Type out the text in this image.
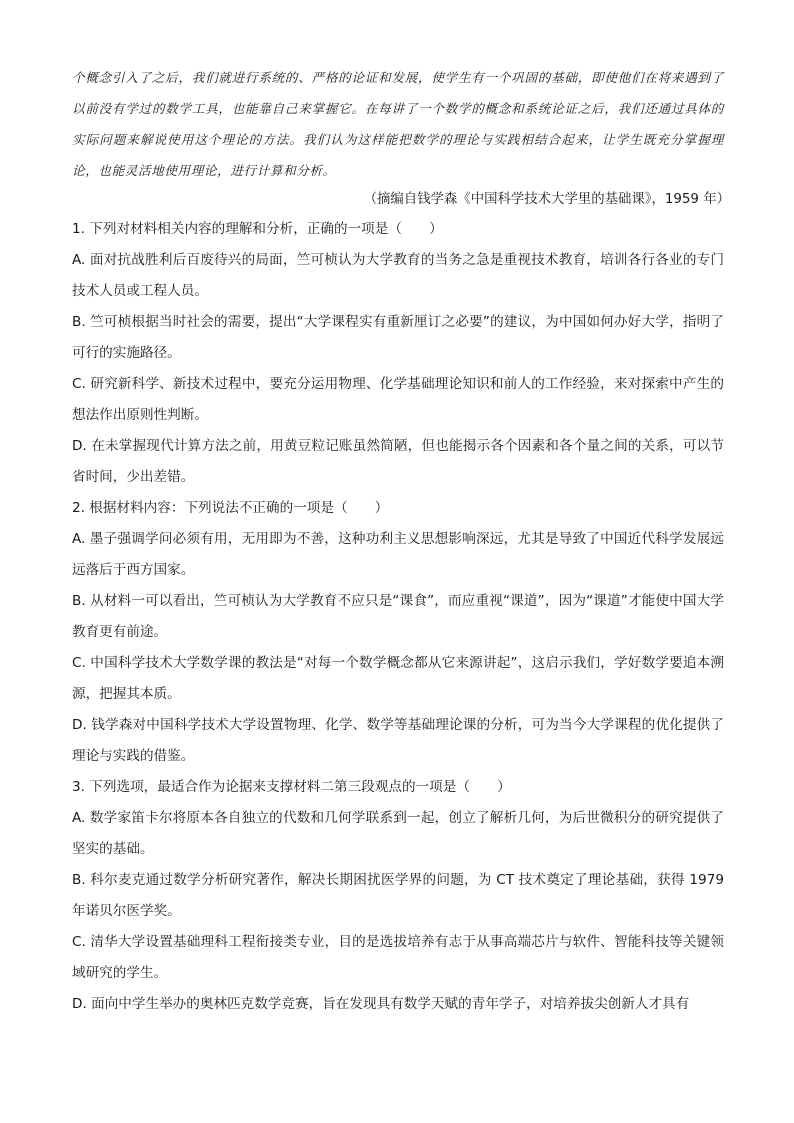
个概念引入了之后，我们就进行系统的、严格的论证和发展，使学生有一个巩固的基础，即使他们在将来遇到了以前没有学过的数学工具，也能靠自己来掌握它。在每讲了一个数学的概念和系统论证之后，我们还通过具体的实际问题来解说使用这个理论的方法。我们认为这样能把数学的理论与实践相结合起来，让学生既充分掌握理论，也能灵活地使用理论，进行计算和分析。

（摘编自钱学森《中国科学技术大学里的基础课》，1959 年）

1. 下列对材料相关内容的理解和分析，正确的一项是（　　）

A. 面对抗战胜利后百废待兴的局面，竺可桢认为大学教育的当务之急是重视技术教育，培训各行各业的专门技术人员或工程人员。

B. 竺可桢根据当时社会的需要，提出“大学课程实有重新厘订之必要”的建议，为中国如何办好大学，指明了可行的实施路径。

C. 研究新科学、新技术过程中，要充分运用物理、化学基础理论知识和前人的工作经验，来对探索中产生的想法作出原则性判断。

D. 在未掌握现代计算方法之前，用黄豆粒记账虽然简陋，但也能揭示各个因素和各个量之间的关系，可以节省时间，少出差错。

2. 根据材料内容：下列说法不正确的一项是（　　）

A. 墨子强调学问必须有用，无用即为不善，这种功利主义思想影响深远，尤其是导致了中国近代科学发展远远落后于西方国家。

B. 从材料一可以看出，竺可桢认为大学教育不应只是“课食”，而应重视“课道”，因为“课道”才能使中国大学教育更有前途。

C. 中国科学技术大学数学课的教法是“对每一个数学概念都从它来源讲起”，这启示我们，学好数学要追本溯源，把握其本质。

D. 钱学森对中国科学技术大学设置物理、化学、数学等基础理论课的分析，可为当今大学课程的优化提供了理论与实践的借鉴。

3. 下列选项，最适合作为论据来支撑材料二第三段观点的一项是（　　）

A. 数学家笛卡尔将原本各自独立的代数和几何学联系到一起，创立了解析几何，为后世微积分的研究提供了坚实的基础。

B. 科尔麦克通过数学分析研究著作，解决长期困扰医学界的问题，为 CT 技术奠定了理论基础，获得 1979 年诺贝尔医学奖。

C. 清华大学设置基础理科工程衔接类专业，目的是选拔培养有志于从事高端芯片与软件、智能科技等关键领域研究的学生。

D. 面向中学生举办的奥林匹克数学竞赛，旨在发现具有数学天赋的青年学子，对培养拔尖创新人才具有
